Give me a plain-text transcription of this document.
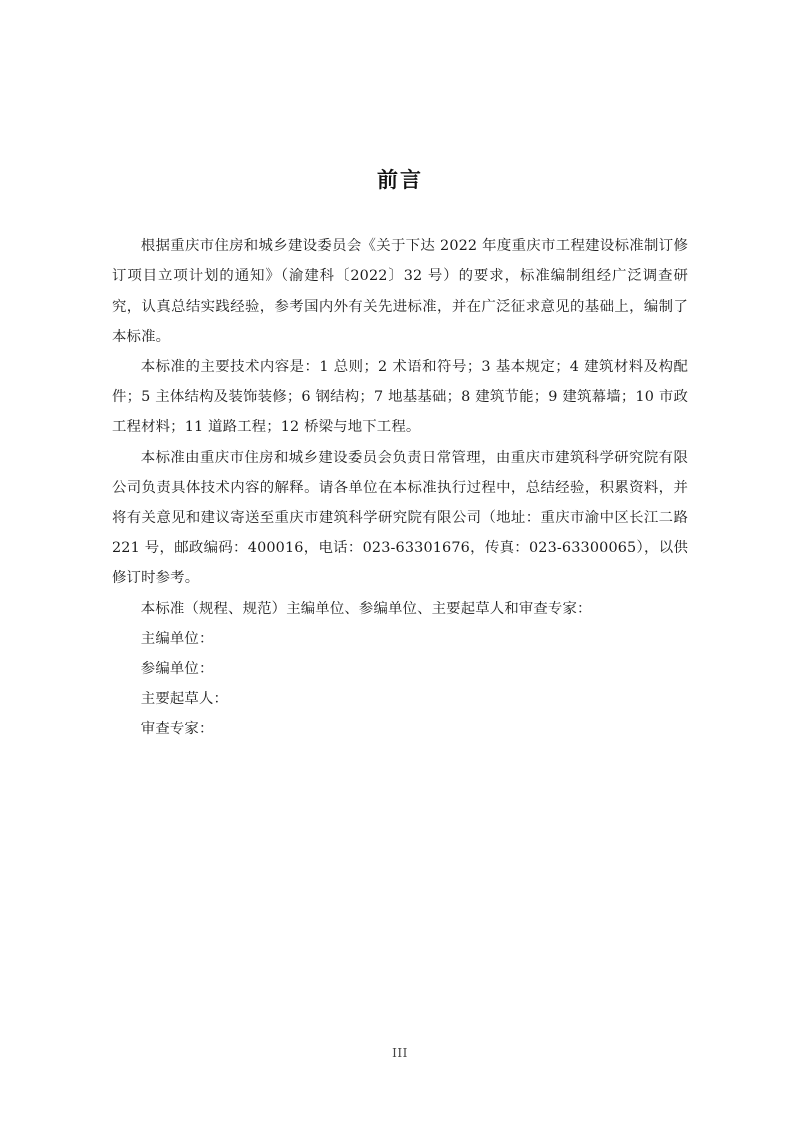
前言

根据重庆市住房和城乡建设委员会《关于下达 2022 年度重庆市工程建设标准制订修订项目立项计划的通知》（渝建科〔2022〕32 号）的要求，标准编制组经广泛调查研究，认真总结实践经验，参考国内外有关先进标准，并在广泛征求意见的基础上，编制了本标准。

本标准的主要技术内容是：1 总则；2 术语和符号；3 基本规定；4 建筑材料及构配件；5 主体结构及装饰装修；6 钢结构；7 地基基础；8 建筑节能；9 建筑幕墙；10 市政工程材料；11 道路工程；12 桥梁与地下工程。

本标准由重庆市住房和城乡建设委员会负责日常管理，由重庆市建筑科学研究院有限公司负责具体技术内容的解释。请各单位在本标准执行过程中，总结经验，积累资料，并将有关意见和建议寄送至重庆市建筑科学研究院有限公司（地址：重庆市渝中区长江二路 221 号，邮政编码：400016，电话：023-63301676，传真：023-63300065），以供修订时参考。

本标准（规程、规范）主编单位、参编单位、主要起草人和审查专家：

主编单位：

参编单位：

主要起草人：

审查专家：

III
